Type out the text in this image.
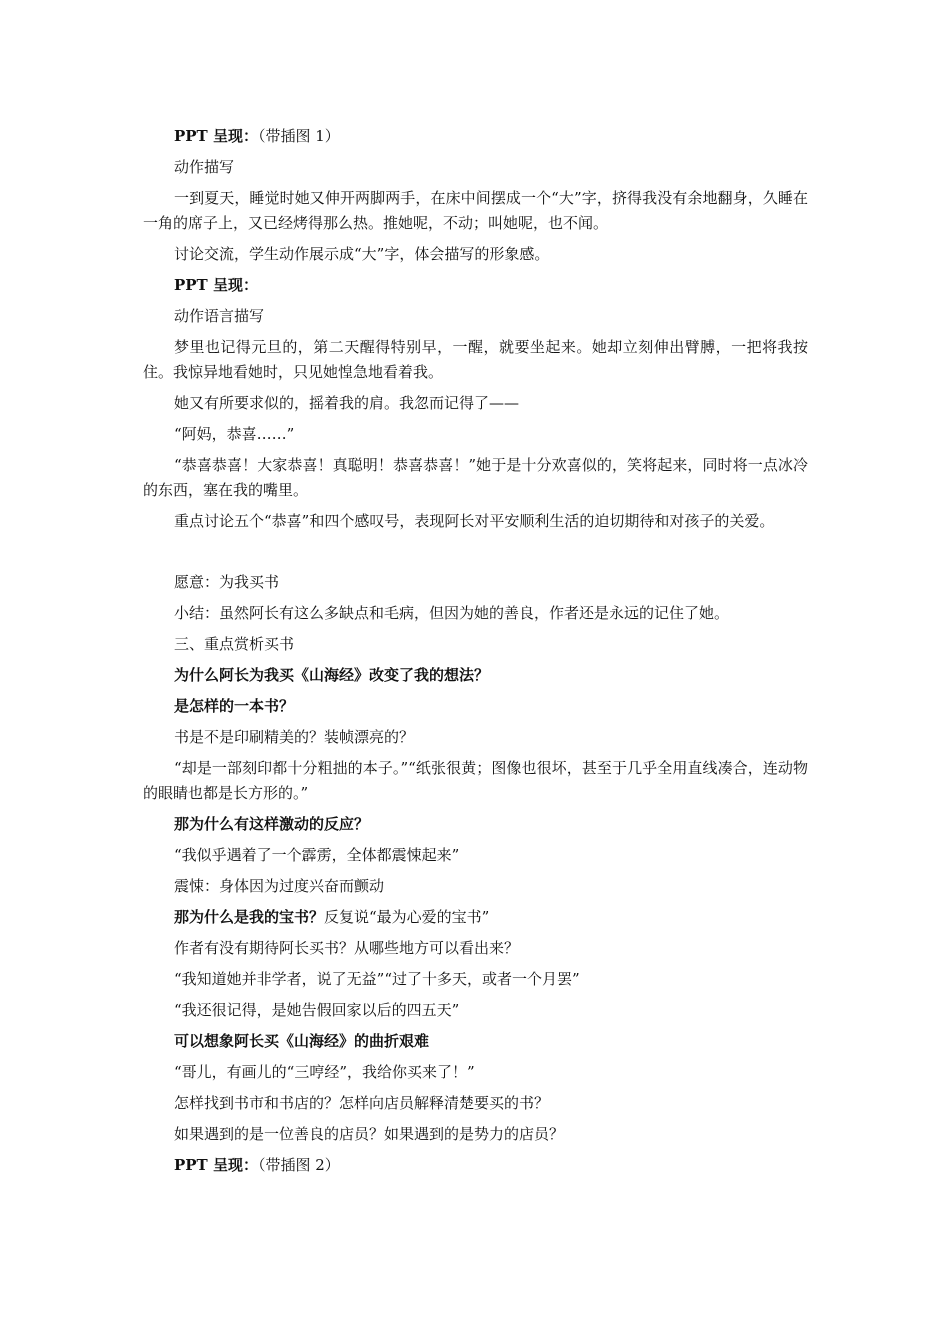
PPT 呈现：（带插图 1）

动作描写

一到夏天，睡觉时她又伸开两脚两手，在床中间摆成一个“大”字，挤得我没有余地翻身，久睡在一角的席子上，又已经烤得那么热。推她呢，不动；叫她呢，也不闻。

讨论交流，学生动作展示成“大”字，体会描写的形象感。

PPT 呈现：

动作语言描写

梦里也记得元旦的，第二天醒得特别早，一醒，就要坐起来。她却立刻伸出臂膊，一把将我按住。我惊异地看她时，只见她惶急地看着我。

她又有所要求似的，摇着我的肩。我忽而记得了——

“阿妈，恭喜……”

“恭喜恭喜！大家恭喜！真聪明！恭喜恭喜！”她于是十分欢喜似的，笑将起来，同时将一点冰冷的东西，塞在我的嘴里。

重点讨论五个“恭喜”和四个感叹号，表现阿长对平安顺利生活的迫切期待和对孩子的关爱。

愿意：为我买书

小结：虽然阿长有这么多缺点和毛病，但因为她的善良，作者还是永远的记住了她。

三、重点赏析买书

为什么阿长为我买《山海经》改变了我的想法？

是怎样的一本书？

书是不是印刷精美的？装帧漂亮的？

“却是一部刻印都十分粗拙的本子。”“纸张很黄；图像也很坏，甚至于几乎全用直线凑合，连动物的眼睛也都是长方形的。”

那为什么有这样激动的反应？

“我似乎遇着了一个霹雳，全体都震悚起来”

震悚：身体因为过度兴奋而颤动

那为什么是我的宝书？反复说“最为心爱的宝书”

作者有没有期待阿长买书？从哪些地方可以看出来？

“我知道她并非学者，说了无益”“过了十多天，或者一个月罢”

“我还很记得，是她告假回家以后的四五天”

可以想象阿长买《山海经》的曲折艰难

“哥儿，有画儿的“三哼经”，我给你买来了！”

怎样找到书市和书店的？怎样向店员解释清楚要买的书？

如果遇到的是一位善良的店员？如果遇到的是势力的店员？

PPT 呈现：（带插图 2）
